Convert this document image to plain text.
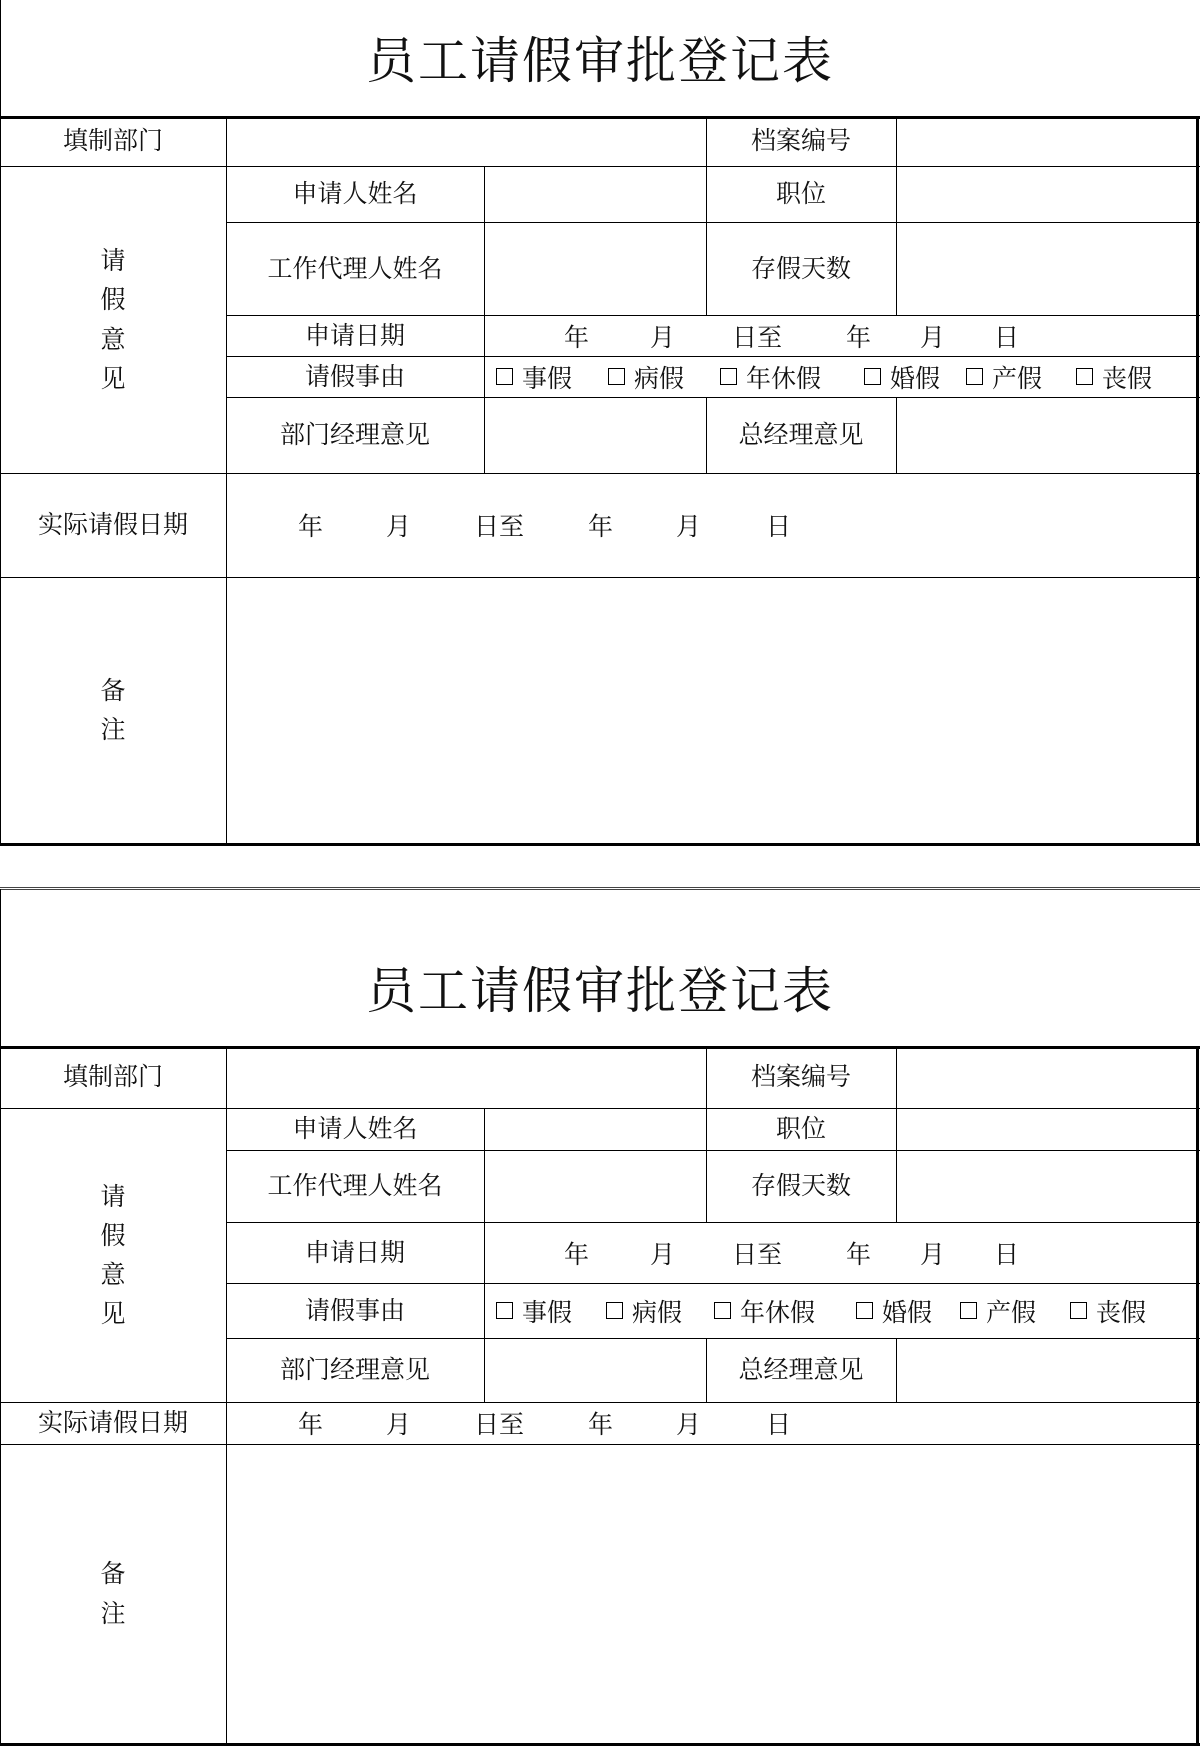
员工请假审批登记表
填制部门	档案编号
请
假
意
见
申请人姓名	职位
工作代理人姓名	存假天数
申请日期	年 月 日至	年 月 日
请假事由	事假 病假 年休假	婚假 产假 丧假
部门经理意见	总经理意见
实际请假日期	年	月	日至	年	月	日
备
注
员工请假审批登记表
填制部门	档案编号
请
假
意
见
申请人姓名	职位
工作代理人姓名	存假天数
申请日期	年 月 日至	年 月 日
请假事由	事假 病假 年休假	婚假 产假 丧假
部门经理意见	总经理意见
实际请假日期	年	月	日至	年	月	日
备
注
